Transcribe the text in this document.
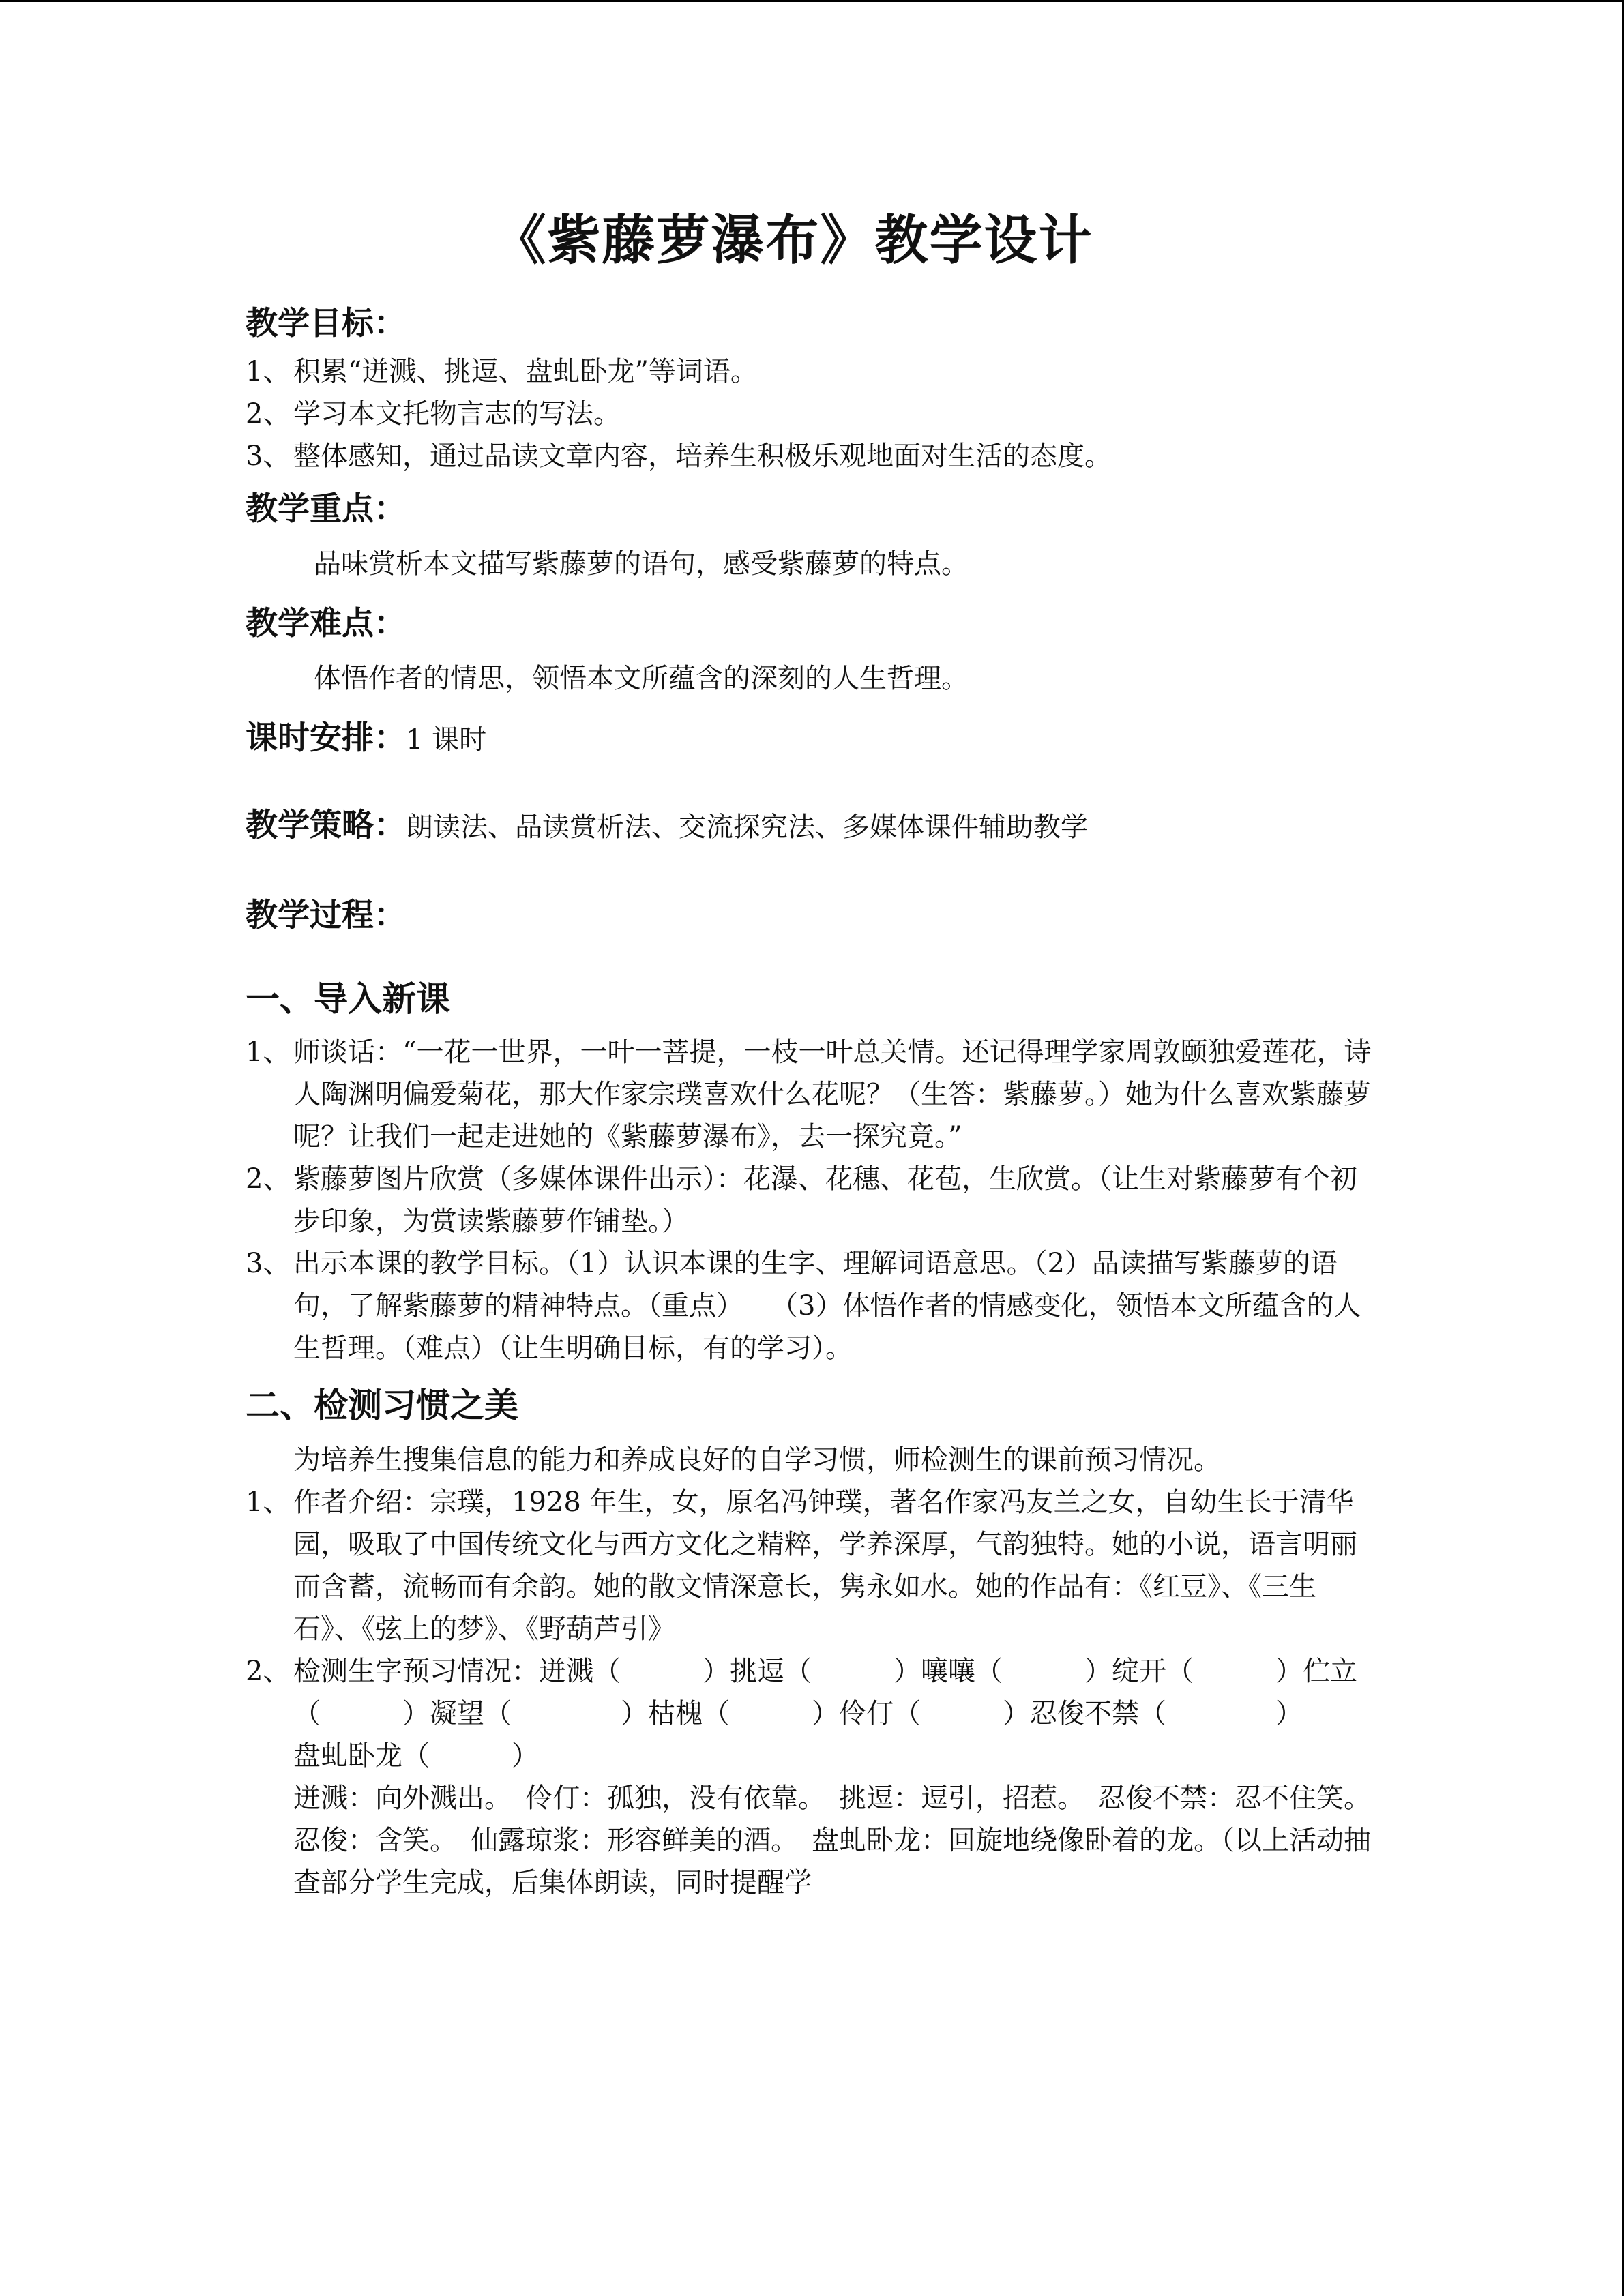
《紫藤萝瀑布》教学设计
教学目标：
1、 积累“迸溅、挑逗、盘虬卧龙”等词语。
2、 学习本文托物言志的写法。
3、 整体感知，通过品读文章内容，培养生积极乐观地面对生活的态度。
教学重点：
品味赏析本文描写紫藤萝的语句，感受紫藤萝的特点。
教学难点：
体悟作者的情思，领悟本文所蕴含的深刻的人生哲理。
课时安排：1 课时
教学策略：朗读法、品读赏析法、交流探究法、多媒体课件辅助教学
教学过程：
一、导入新课
1、 师谈话：“一花一世界，一叶一菩提，一枝一叶总关情。还记得理学家周敦颐独爱莲花，诗人陶渊明偏爱菊花，那大作家宗璞喜欢什么花呢？（生答：紫藤萝。）她为什么喜欢紫藤萝呢？让我们一起走进她的《紫藤萝瀑布》，去一探究竟。”
2、 紫藤萝图片欣赏（多媒体课件出示）：花瀑、花穗、花苞，生欣赏。（让生对紫藤萝有个初步印象，为赏读紫藤萝作铺垫。）
3、 出示本课的教学目标。（1）认识本课的生字、理解词语意思。（2）品读描写紫藤萝的语句，了解紫藤萝的精神特点。（重点）　　（3）体悟作者的情感变化，领悟本文所蕴含的人生哲理。（难点）（让生明确目标，有的学习）。
二、检测习惯之美
为培养生搜集信息的能力和养成良好的自学习惯，师检测生的课前预习情况。
1、 作者介绍：宗璞，1928 年生，女，原名冯钟璞，著名作家冯友兰之女，自幼生长于清华园，吸取了中国传统文化与西方文化之精粹，学养深厚，气韵独特。她的小说，语言明丽而含蓄，流畅而有余韵。她的散文情深意长，隽永如水。她的作品有：《红豆》、《三生石》、《弦上的梦》、《野葫芦引》
2、 检测生字预习情况：迸溅（　　　）挑逗（　　　）嚷嚷（　　　）绽开（　　　）伫立（　　　）凝望（　　　　）枯槐（　　　）伶仃（　　　）忍俊不禁（　　　　）　　　　盘虬卧龙（　　　）
迸溅：向外溅出。　伶仃：孤独，没有依靠。　挑逗：逗引，招惹。　忍俊不禁：忍不住笑。忍俊：含笑。　仙露琼浆：形容鲜美的酒。　盘虬卧龙：回旋地绕像卧着的龙。（以上活动抽查部分学生完成，后集体朗读，同时提醒学
